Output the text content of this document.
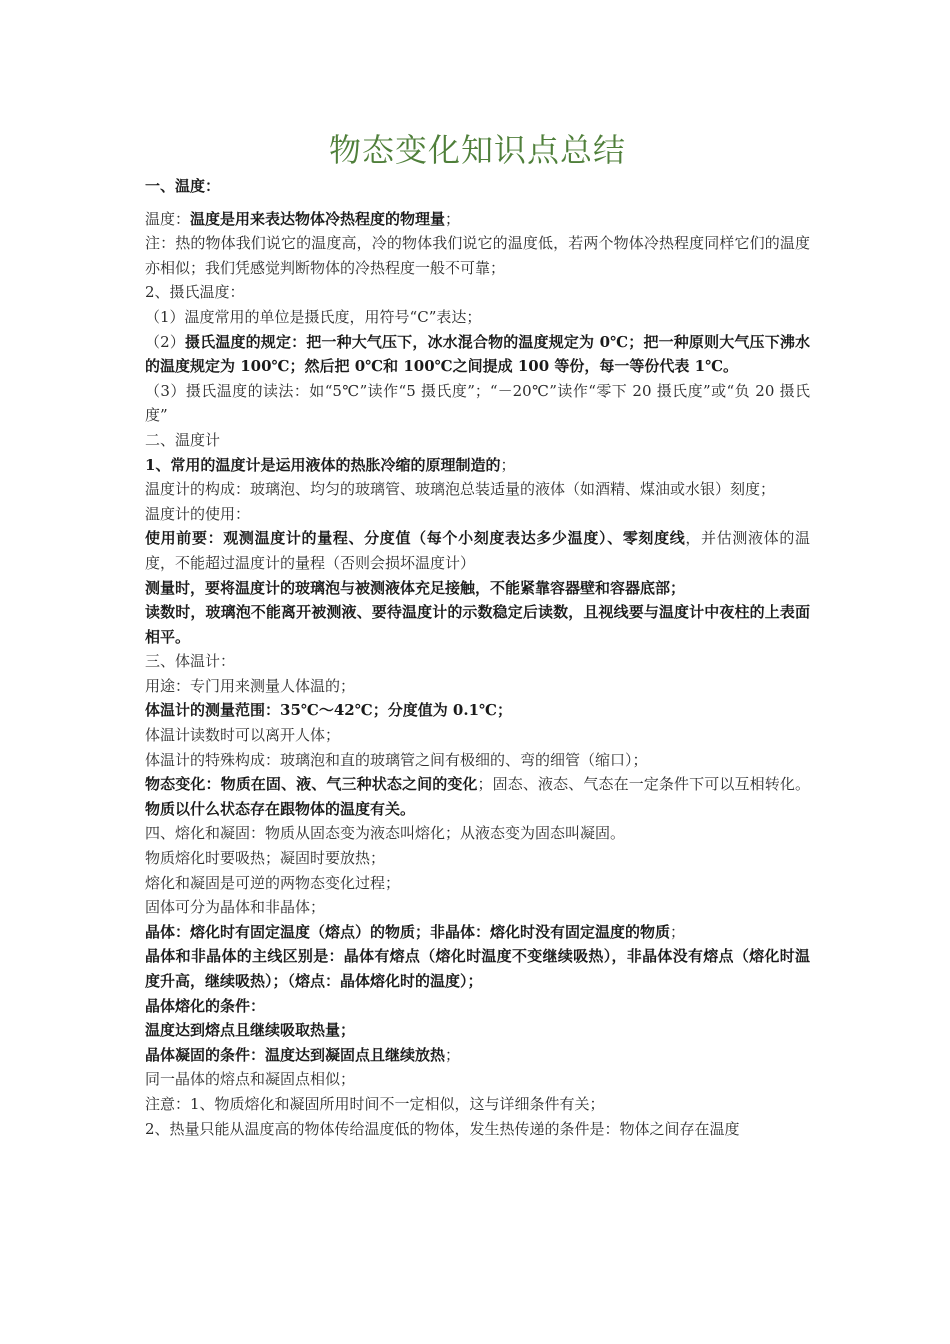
物态变化知识点总结

一、温度：

温度：温度是用来表达物体冷热程度的物理量；

注：热的物体我们说它的温度高，冷的物体我们说它的温度低，若两个物体冷热程度同样它们的温度亦相似；我们凭感觉判断物体的冷热程度一般不可靠；

2、摄氏温度：

（1）温度常用的单位是摄氏度，用符号“C”表达；

（2）摄氏温度的规定：把一种大气压下，冰水混合物的温度规定为 0℃；把一种原则大气压下沸水的温度规定为 100℃；然后把 0℃和 100℃之间提成 100 等份，每一等份代表 1℃。

（3）摄氏温度的读法：如“5℃”读作“5 摄氏度”；“－20℃”读作“零下 20 摄氏度”或“负 20 摄氏度”

二、温度计

1、常用的温度计是运用液体的热胀冷缩的原理制造的；

温度计的构成：玻璃泡、均匀的玻璃管、玻璃泡总装适量的液体（如酒精、煤油或水银）刻度；

温度计的使用：

使用前要：观测温度计的量程、分度值（每个小刻度表达多少温度）、零刻度线，并估测液体的温度，不能超过温度计的量程（否则会损坏温度计）

测量时，要将温度计的玻璃泡与被测液体充足接触，不能紧靠容器壁和容器底部；

读数时，玻璃泡不能离开被测液、要待温度计的示数稳定后读数，且视线要与温度计中夜柱的上表面相平。

三、体温计：

用途：专门用来测量人体温的；

体温计的测量范围：35℃～42℃；分度值为 0.1℃；

体温计读数时可以离开人体；

体温计的特殊构成：玻璃泡和直的玻璃管之间有极细的、弯的细管（缩口）；

物态变化：物质在固、液、气三种状态之间的变化；固态、液态、气态在一定条件下可以互相转化。物质以什么状态存在跟物体的温度有关。

四、熔化和凝固：物质从固态变为液态叫熔化；从液态变为固态叫凝固。

物质熔化时要吸热；凝固时要放热；

熔化和凝固是可逆的两物态变化过程；

固体可分为晶体和非晶体；

晶体：熔化时有固定温度（熔点）的物质；非晶体：熔化时没有固定温度的物质；

晶体和非晶体的主线区别是：晶体有熔点（熔化时温度不变继续吸热），非晶体没有熔点（熔化时温度升高，继续吸热）；（熔点：晶体熔化时的温度）；

晶体熔化的条件：

温度达到熔点且继续吸取热量；

晶体凝固的条件：温度达到凝固点且继续放热；

同一晶体的熔点和凝固点相似；

注意：1、物质熔化和凝固所用时间不一定相似，这与详细条件有关；

2、热量只能从温度高的物体传给温度低的物体，发生热传递的条件是：物体之间存在温度
